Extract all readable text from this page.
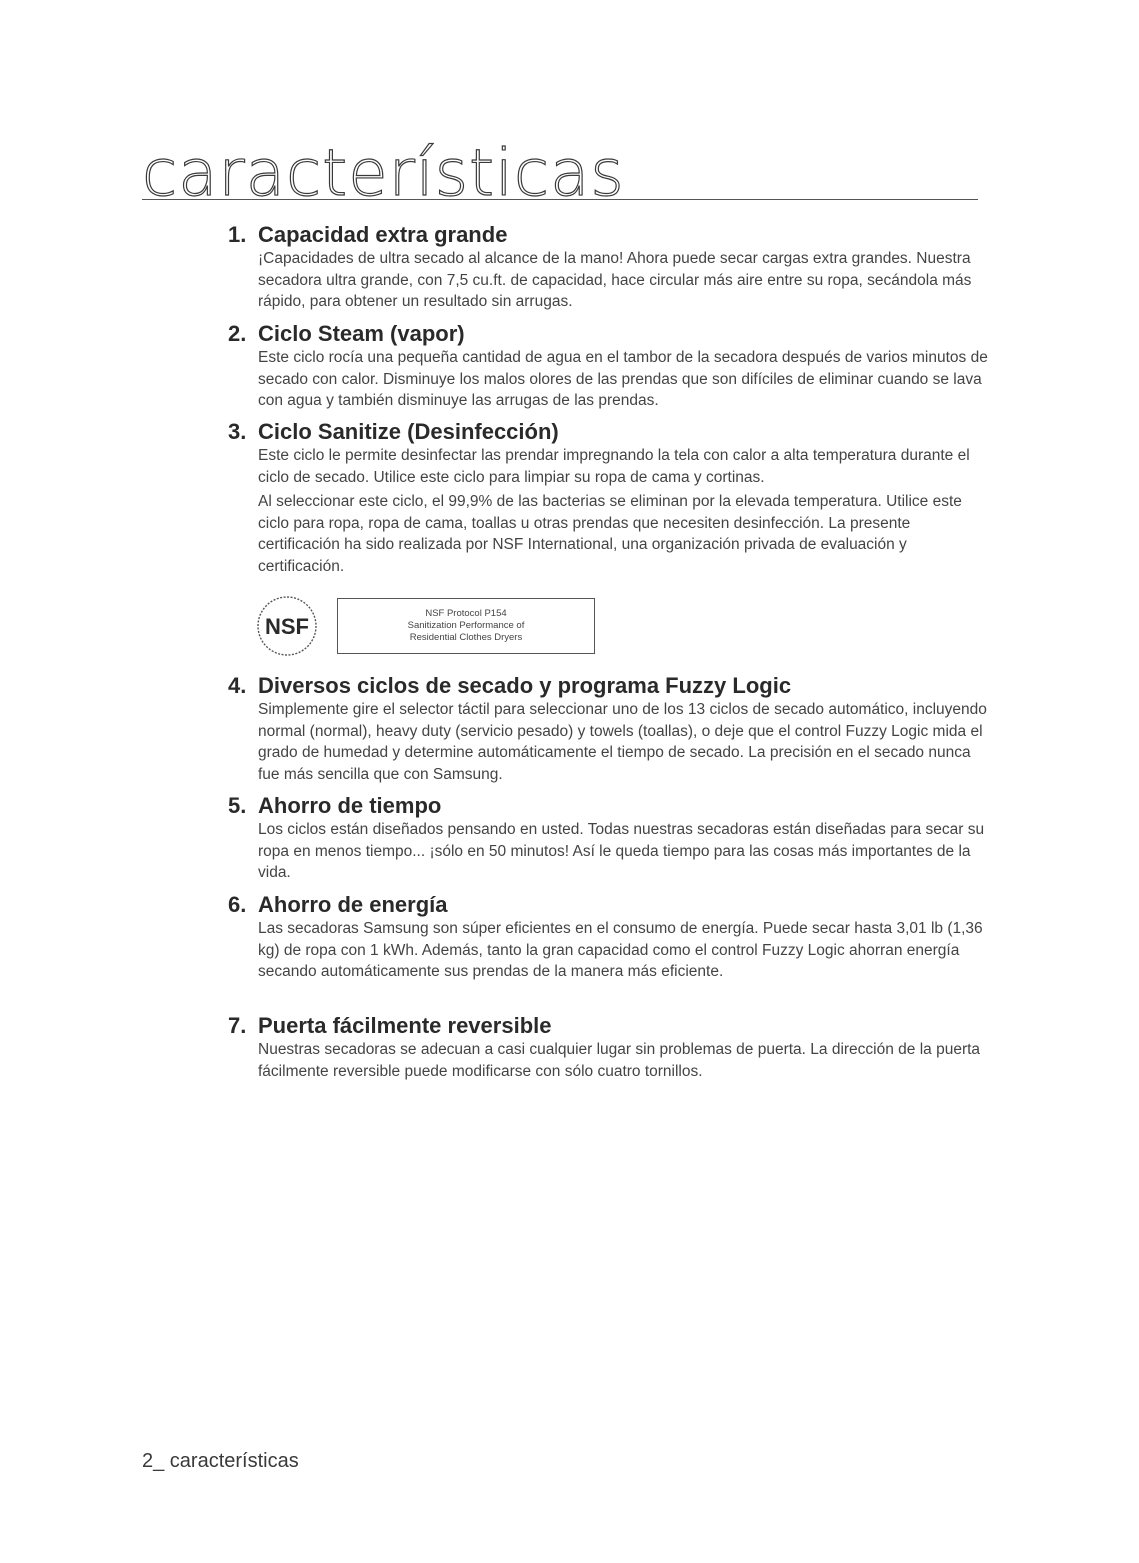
características
1. Capacidad extra grande

¡Capacidades de ultra secado al alcance de la mano! Ahora puede secar cargas extra grandes. Nuestra secadora ultra grande, con 7,5 cu.ft. de capacidad, hace circular más aire entre su ropa, secándola más rápido, para obtener un resultado sin arrugas.

2. Ciclo Steam (vapor)

Este ciclo rocía una pequeña cantidad de agua en el tambor de la secadora después de varios minutos de secado con calor. Disminuye los malos olores de las prendas que son difíciles de eliminar cuando se lava con agua y también disminuye las arrugas de las prendas.

3. Ciclo Sanitize (Desinfección)

Este ciclo le permite desinfectar las prendar impregnando la tela con calor a alta temperatura durante el ciclo de secado. Utilice este ciclo para limpiar su ropa de cama y cortinas.

Al seleccionar este ciclo, el 99,9% de las bacterias se eliminan por la elevada temperatura. Utilice este ciclo para ropa, ropa de cama, toallas u otras prendas que necesiten desinfección. La presente certificación ha sido realizada por NSF International, una organización privada de evaluación y certificación.

NSF
NSF Protocol P154
Sanitization Performance of
Residential Clothes Dryers
4. Diversos ciclos de secado y programa Fuzzy Logic

Simplemente gire el selector táctil para seleccionar uno de los 13 ciclos de secado automático, incluyendo normal (normal), heavy duty (servicio pesado) y towels (toallas), o deje que el control Fuzzy Logic mida el grado de humedad y determine automáticamente el tiempo de secado. La precisión en el secado nunca fue más sencilla que con Samsung.

5. Ahorro de tiempo

Los ciclos están diseñados pensando en usted. Todas nuestras secadoras están diseñadas para secar su ropa en menos tiempo... ¡sólo en 50 minutos! Así le queda tiempo para las cosas más importantes de la vida.

6. Ahorro de energía

Las secadoras Samsung son súper eficientes en el consumo de energía. Puede secar hasta 3,01 lb (1,36 kg) de ropa con 1 kWh. Además, tanto la gran capacidad como el control Fuzzy Logic ahorran energía secando automáticamente sus prendas de la manera más eficiente.

7. Puerta fácilmente reversible

Nuestras secadoras se adecuan a casi cualquier lugar sin problemas de puerta. La dirección de la puerta fácilmente reversible puede modificarse con sólo cuatro tornillos.

2_ características
